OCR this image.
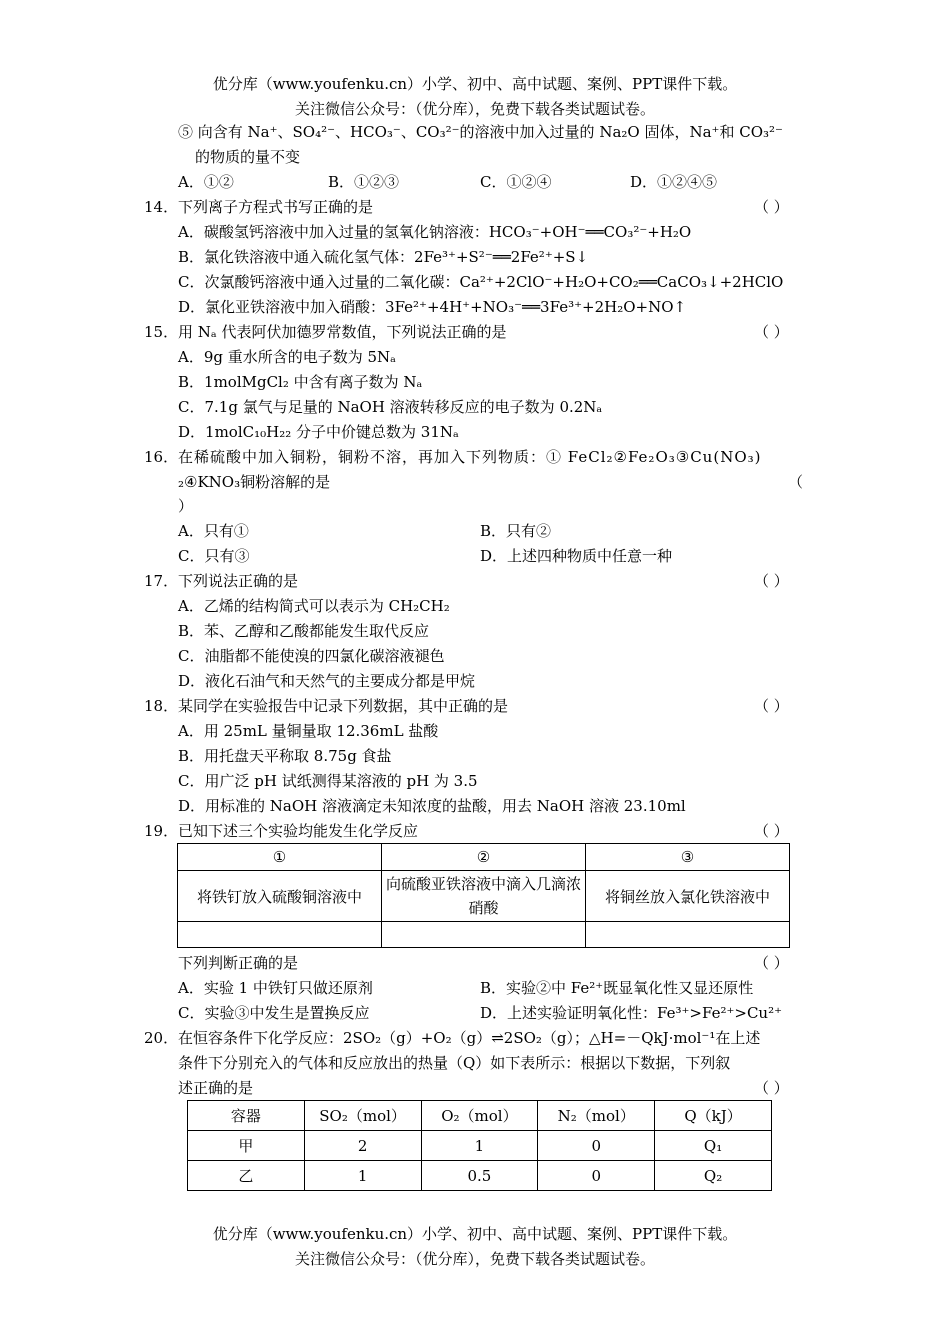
优分库（www.youfenku.cn）小学、初中、高中试题、案例、PPT课件下载。
关注微信公众号：（优分库），免费下载各类试题试卷。
⑤ 向含有 Na⁺、SO₄²⁻、HCO₃⁻、CO₃²⁻的溶液中加入过量的 Na₂O 固体，Na⁺和 CO₃²⁻
的物质的量不变
A．①②	B．①②③	C．①②④	D．①②④⑤
14． 下列离子方程式书写正确的是	（ ）
A．碳酸氢钙溶液中加入过量的氢氧化钠溶液：HCO₃⁻+OH⁻══CO₃²⁻+H₂O
B．氯化铁溶液中通入硫化氢气体：2Fe³⁺+S²⁻══2Fe²⁺+S↓
C．次氯酸钙溶液中通入过量的二氧化碳：Ca²⁺+2ClO⁻+H₂O+CO₂══CaCO₃↓+2HClO
D．氯化亚铁溶液中加入硝酸：3Fe²⁺+4H⁺+NO₃⁻══3Fe³⁺+2H₂O+NO↑
15． 用 Nₐ 代表阿伏加德罗常数值，下列说法正确的是	（ ）
A．9g 重水所含的电子数为 5Nₐ
B．1molMgCl₂ 中含有离子数为 Nₐ
C．7.1g 氯气与足量的 NaOH 溶液转移反应的电子数为 0.2Nₐ
D．1molC₁₀H₂₂ 分子中价键总数为 31Nₐ
16． 在稀硫酸中加入铜粉，铜粉不溶，再加入下列物质：① FeCl₂②Fe₂O₃③Cu(NO₃)
₂④KNO₃铜粉溶解的是	（
）
A．只有①	B．只有②
C．只有③	D．上述四种物质中任意一种
17． 下列说法正确的是	（ ）
A．乙烯的结构简式可以表示为 CH₂CH₂
B．苯、乙醇和乙酸都能发生取代反应
C．油脂都不能使溴的四氯化碳溶液褪色
D．液化石油气和天然气的主要成分都是甲烷
18． 某同学在实验报告中记录下列数据，其中正确的是	（ ）
A．用 25mL 量铜量取 12.36mL 盐酸
B．用托盘天平称取 8.75g 食盐
C．用广泛 pH 试纸测得某溶液的 pH 为 3.5
D．用标准的 NaOH 溶液滴定未知浓度的盐酸，用去 NaOH 溶液 23.10ml
19． 已知下述三个实验均能发生化学反应	（ ）
①	②	③
将铁钉放入硫酸铜溶液中	向硫酸亚铁溶液中滴入几滴浓硝酸	将铜丝放入氯化铁溶液中

下列判断正确的是	（ ）
A．实验 1 中铁钉只做还原剂	B．实验②中 Fe²⁺既显氧化性又显还原性
C．实验③中发生是置换反应	D．上述实验证明氧化性：Fe³⁺>Fe²⁺>Cu²⁺
20． 在恒容条件下化学反应：2SO₂（g）+O₂（g）⇌2SO₂（g）；△H=－QkJ·mol⁻¹在上述
条件下分别充入的气体和反应放出的热量（Q）如下表所示：根据以下数据，下列叙
述正确的是	（ ）
容器	SO₂（mol）	O₂（mol）	N₂（mol）	Q（kJ）
甲	2	1	0	Q₁
乙	1	0.5	0	Q₂
优分库（www.youfenku.cn）小学、初中、高中试题、案例、PPT课件下载。
关注微信公众号：（优分库），免费下载各类试题试卷。
